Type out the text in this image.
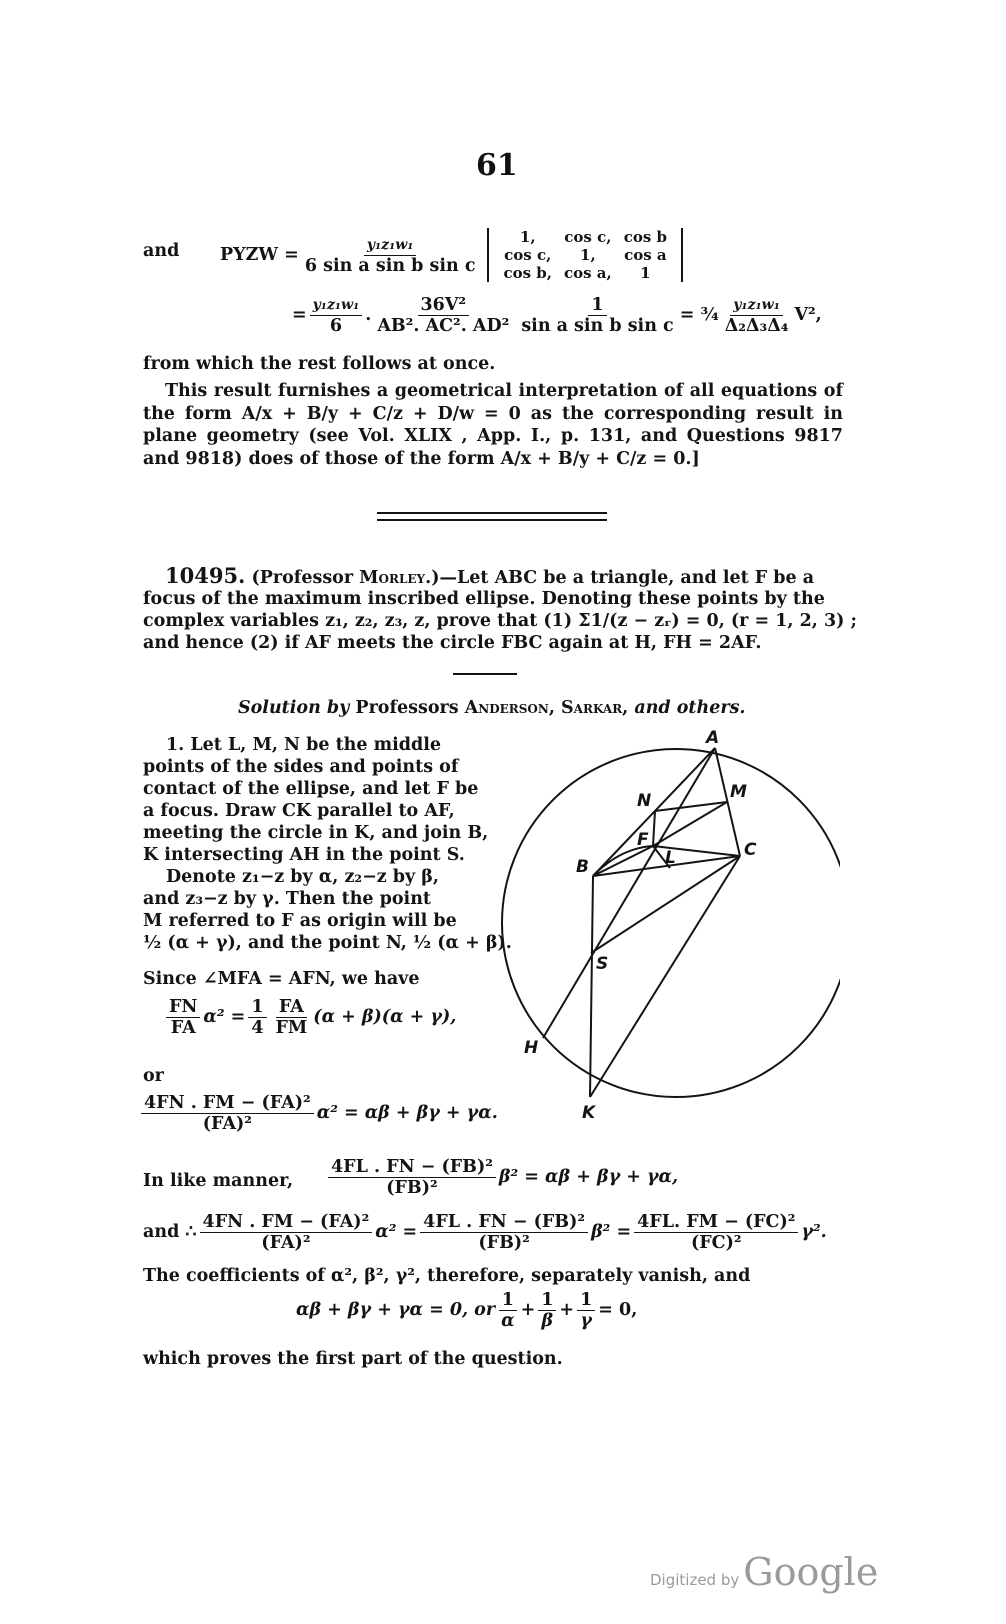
61
and PYZW = $\frac{\text{y₁z₁w₁}}{\text{6 sin a sin b sin c}}$	1,	cos c,	cos b
cos c,	1,	cos a
cos b,	cos a,	1
= $\frac{\text{y₁z₁w₁}}{6}$ . $\frac{\text{36V²}}{\text{AB². AC². AD²}} \frac{1}{\text{sin a sin b sin c}}$ = ¾ $\frac{\text{y₁z₁w₁}}{\text{Δ₂Δ₃Δ₄}} V^2$,
from which the rest follows at once.
This result furnishes a geometrical interpretation of all equations of the form A/x + B/y + C/z + D/w = 0 as the corresponding result in plane geometry (see Vol. XLIX , App. I., p. 131, and Questions 9817 and 9818) does of those of the form A/x + B/y + C/z = 0.]
10495. (Professor Morley.)—Let ABC be a triangle, and let F be a
focus of the maximum inscribed ellipse. Denoting these points by the
complex variables z₁, z₂, z₃, z, prove that (1) Σ1/(z − zᵣ) = 0, (r = 1, 2, 3) ;
and hence (2) if AF meets the circle FBC again at H, FH = 2AF.
Solution by Professors Anderson, Sarkar, and others.
1. Let L, M, N be the middle
points of the sides and points of
contact of the ellipse, and let F be
a focus. Draw CK parallel to AF,
meeting the circle in K, and join B,
K intersecting AH in the point S.
Denote z₁−z by α, z₂−z by β,
and z₃−z by γ. Then the point
M referred to F as origin will be
½ (α + γ), and the point N, ½ (α + β).
Since ∠MFA = AFN, we have
$\frac{FN}{FA} \alpha^2 = \frac{1}{4} \frac{FA}{FM} (\alpha + \beta)(\alpha + \gamma)$,
or
$\frac{\text{4FN . FM − (FA)²}}{\text{(FA)²}} \alpha^2 = \alpha\beta + \beta\gamma + \gamma\alpha$.
In like manner, $\frac{\text{4FL . FN − (FB)²}}{\text{(FB)²}} \beta^2 = \alpha\beta + \beta\gamma + \gamma\alpha$,
and ∴ $\frac{\text{4FN . FM − (FA)²}}{\text{(FA)²}} \alpha^2 = \frac{\text{4FL . FN − (FB)²}}{\text{(FB)²}} \beta^2 = \frac{\text{4FL. FM − (FC)²}}{\text{(FC)²}} \gamma^2$.
The coefficients of α², β², γ², therefore, separately vanish, and
αβ + βγ + γα = 0, or $\frac{1}{\alpha} + \frac{1}{\beta} + \frac{1}{\gamma} = 0$,
which proves the first part of the question.
A
M
N
F
L
B
C
S
H
K
Digitized by Google
